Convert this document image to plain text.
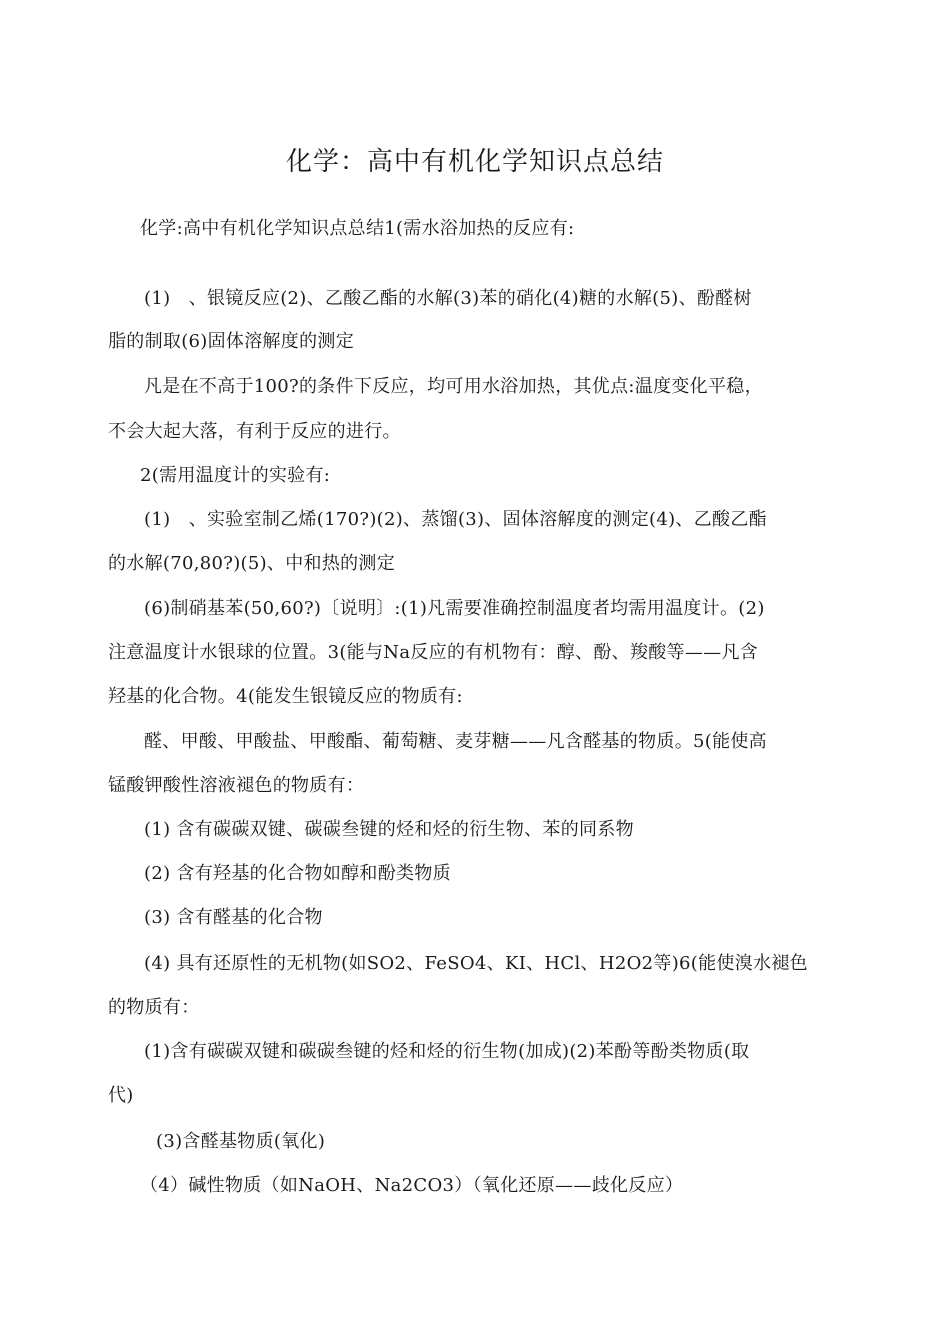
化学：高中有机化学知识点总结
化学:高中有机化学知识点总结1(需水浴加热的反应有:
(1)　、银镜反应(2)、乙酸乙酯的水解(3)苯的硝化(4)糖的水解(5)、酚醛树
脂的制取(6)固体溶解度的测定
凡是在不高于100?的条件下反应，均可用水浴加热，其优点:温度变化平稳，
不会大起大落，有利于反应的进行。
2(需用温度计的实验有:
(1)　、实验室制乙烯(170?)(2)、蒸馏(3)、固体溶解度的测定(4)、乙酸乙酯
的水解(70,80?)(5)、中和热的测定
(6)制硝基苯(50,60?)〔说明〕:(1)凡需要准确控制温度者均需用温度计。(2)
注意温度计水银球的位置。3(能与Na反应的有机物有：醇、酚、羧酸等——凡含
羟基的化合物。4(能发生银镜反应的物质有:
醛、甲酸、甲酸盐、甲酸酯、葡萄糖、麦芽糖——凡含醛基的物质。5(能使高
锰酸钾酸性溶液褪色的物质有：
(1) 含有碳碳双键、碳碳叁键的烃和烃的衍生物、苯的同系物
(2) 含有羟基的化合物如醇和酚类物质
(3) 含有醛基的化合物
(4) 具有还原性的无机物(如SO2、FeSO4、KI、HCl、H2O2等)6(能使溴水褪色
的物质有：
(1)含有碳碳双键和碳碳叁键的烃和烃的衍生物(加成)(2)苯酚等酚类物质(取
代)
(3)含醛基物质(氧化)
（4）碱性物质（如NaOH、Na2CO3）（氧化还原——歧化反应）
